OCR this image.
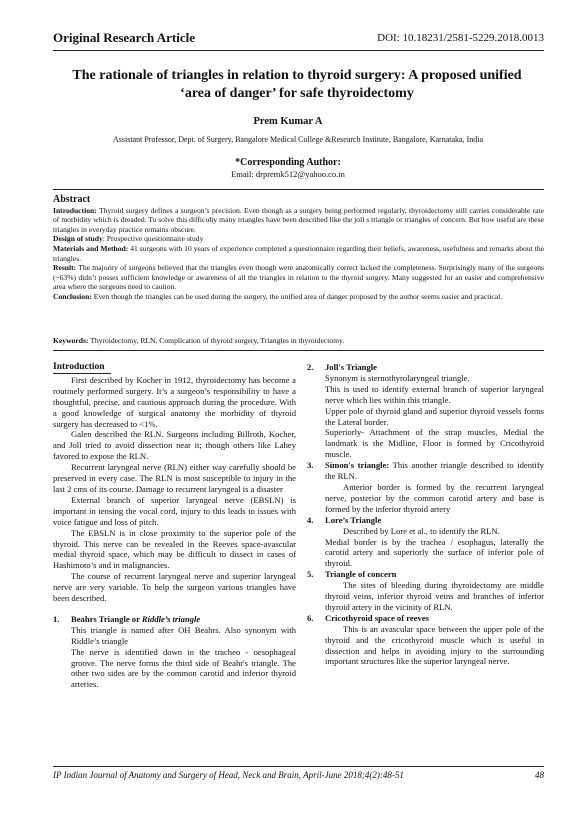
Original Research Article	DOI: 10.18231/2581-5229.2018.0013
The rationale of triangles in relation to thyroid surgery: A proposed unified ‘area of danger’ for safe thyroidectomy
Prem Kumar A
Assistant Professor, Dept. of Surgery, Bangalore Medical College &Research Institute, Bangalore, Karnataka, India
*Corresponding Author:
Email: drpremk512@yahoo.co.in
Abstract

Introduction: Thyroid surgery defines a surgeon’s precision. Even though as a surgery being performed regularly, thyroidectomy still carries considerable rate of morbidity which is dreaded. To solve this difficulty many triangles have been described like the joll s triangle or triangles of concern. But how useful are these triangles in everyday practice remains obscure.

Design of study: Prospective questionnaire study

Materials and Method: 41 surgeons with 10 years of experience completed a questionnaire regarding their beliefs, awareness, usefulness and remarks about the triangles.

Result: The majority of surgeons believed that the triangles even though were anatomically correct lacked the completeness. Surprisingly many of the surgeons (~63%) didn’t posses sufficient knowledge or awareness of all the triangles in relation to the thyroid surgery. Many suggested for an easier and comprehensive area where the surgeons need to caution.

Conclusion: Even though the triangles can be used during the surgery, the unified area of danger proposed by the author seems easier and practical.

Keywords: Thyroidectomy, RLN, Complication of thyroid surgery, Triangles in thyroidectomy.
Introduction

First described by Kocher in 1912, thyroidectomy has become a routinely performed surgery. It’s a surgeon’s responsibility to have a thoughtful, precise, and cautious approach during the procedure. With a good knowledge of surgical anatomy the morbidity of thyroid surgery has decreased to <1%.

Galen described the RLN. Surgeons including Billroth, Kocher, and Joll tried to avoid dissection near it; though others like Lahey favored to expose the RLN.

Recurrent laryngeal nerve (RLN) either way carefully should be preserved in every case. The RLN is most susceptible to injury in the last 2 cms of its course. Damage to recurrent laryngeal is a disaster

External branch of superior laryngeal nerve (EBSLN) is important in tensing the vocal cord, injury to this leads to issues with voice fatigue and loss of pitch.

The EBSLN is in close proximity to the superior pole of the thyroid. This nerve can be revealed in the Reeves space-avascular medial thyroid space, which may be difficult to dissect in cases of Hashimoto’s and in malignancies.

The course of recurrent laryngeal nerve and superior laryngeal nerve are very variable. To help the surgeon various triangles have been described.

1.	Beahrs Triangle or Riddle’s triangle

This triangle is named after OH Beahrs. Also synonym with Riddle’s triangle

The nerve is identified down in the tracheo - oesophageal groove. The nerve forms the third side of Beahr's triangle. The other two sides are by the common carotid and inferior thyroid arteries.

2.	Joll's Triangle

Synonym is sternothyrolaryngeal triangle.

This is used to identify external branch of superior laryngeal nerve which lies within this triangle.

Upper pole of thyroid gland and superior thyroid vessels forms the Lateral border.

Superiorly- Attachment of the strap muscles, Medial the landmark is the Midline, Floor is formed by Cricothyroid muscle.

3.	Simon's triangle: This another triangle described to identify the RLN.

Anterior border is formed by the recurrent laryngeal nerve, posterior by the common carotid artery and base is formed by the inferior thyroid artery

4.	Lore’s Triangle

Described by Lore et al., to identify the RLN.

Medial border is by the trachea / esophagus, laterally the carotid artery and superiorly the surface of inferior pole of thyroid.

5.	Triangle of concern

The sites of bleeding during thyroidectomy are middle thyroid veins, inferior thyroid veins and branches of inferior thyroid artery in the vicinity of RLN.

6.	Cricothyroid space of reeves

This is an avascular space between the upper pole of the thyroid and the cricothyroid muscle which is useful in dissection and helps in avoiding injury to the surrounding important structures like the superior laryngeal nerve.

IP Indian Journal of Anatomy and Surgery of Head, Neck and Brain, April-June 2018;4(2):48-51	48
